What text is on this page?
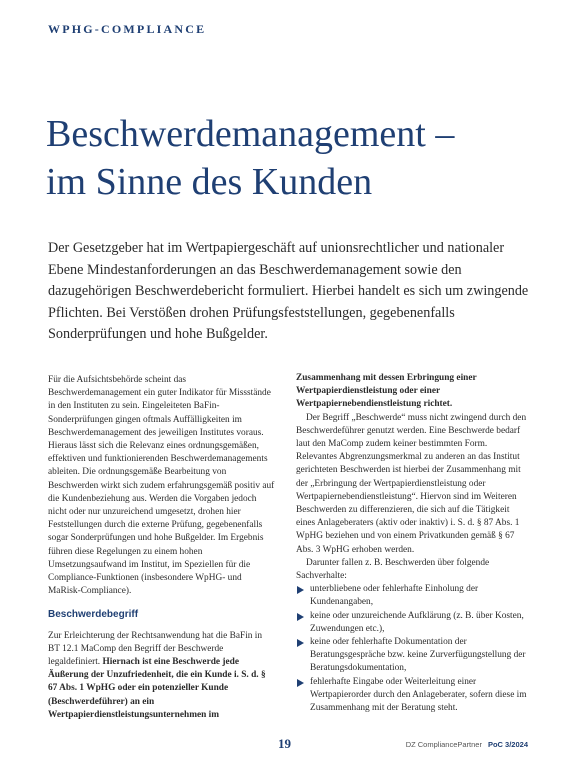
WPHG-COMPLIANCE
Beschwerdemanagement –
im Sinne des Kunden

Der Gesetzgeber hat im Wertpapiergeschäft auf unionsrechtlicher und nationaler Ebene Mindestanforderungen an das Beschwerdemanagement sowie den dazugehörigen Beschwerdebericht formuliert. Hierbei handelt es sich um zwingende Pflichten. Bei Verstößen drohen Prüfungsfeststellungen, gegebenenfalls Sonderprüfungen und hohe Bußgelder.

Für die Aufsichtsbehörde scheint das Beschwerdemanagement ein guter Indikator für Missstände in den Instituten zu sein. Eingeleiteten BaFin-Sonderprüfungen gingen oftmals Auffälligkeiten im Beschwerdemanagement des jeweiligen Institutes voraus. Hieraus lässt sich die Relevanz eines ordnungsgemäßen, effektiven und funktionierenden Beschwerdemanagements ableiten. Die ordnungsgemäße Bearbeitung von Beschwerden wirkt sich zudem erfahrungsgemäß positiv auf die Kundenbeziehung aus. Werden die Vorgaben jedoch nicht oder nur unzureichend umgesetzt, drohen hier Feststellungen durch die externe Prüfung, gegebenenfalls sogar Sonderprüfungen und hohe Bußgelder. Im Ergebnis führen diese Regelungen zu einem hohen Umsetzungsaufwand im Institut, im Speziellen für die Compliance-Funktionen (insbesondere WpHG- und MaRisk-Compliance).

Beschwerdebegriff

Zur Erleichterung der Rechtsanwendung hat die BaFin in BT 12.1 MaComp den Begriff der Beschwerde legaldefiniert. Hiernach ist eine Beschwerde jede Äußerung der Unzufriedenheit, die ein Kunde i. S. d. § 67 Abs. 1 WpHG oder ein potenzieller Kunde (Beschwerdeführer) an ein Wertpapierdienstleistungsunternehmen im

Zusammenhang mit dessen Erbringung einer Wertpapierdienstleistung oder einer Wertpapiernebendienstleistung richtet.

Der Begriff „Beschwerde“ muss nicht zwingend durch den Beschwerdeführer genutzt werden. Eine Beschwerde bedarf laut den MaComp zudem keiner bestimmten Form. Relevantes Abgrenzungsmerkmal zu anderen an das Institut gerichteten Beschwerden ist hierbei der Zusammenhang mit der „Erbringung der Wertpapierdienstleistung oder Wertpapiernebendienstleistung“. Hiervon sind im Weiteren Beschwerden zu differenzieren, die sich auf die Tätigkeit eines Anlageberaters (aktiv oder inaktiv) i. S. d. § 87 Abs. 1 WpHG beziehen und von einem Privatkunden gemäß § 67 Abs. 3 WpHG erhoben werden.

Darunter fallen z. B. Beschwerden über folgende Sachverhalte:

unterbliebene oder fehlerhafte Einholung der Kundenangaben,
keine oder unzureichende Aufklärung (z. B. über Kosten, Zuwendungen etc.),
keine oder fehlerhafte Dokumentation der Beratungsgespräche bzw. keine Zurverfügungstellung der Beratungsdokumentation,
fehlerhafte Eingabe oder Weiterleitung einer Wertpapierorder durch den Anlageberater, sofern diese im Zusammenhang mit der Beratung steht.
19	DZ CompliancePartner PoC 3/2024
